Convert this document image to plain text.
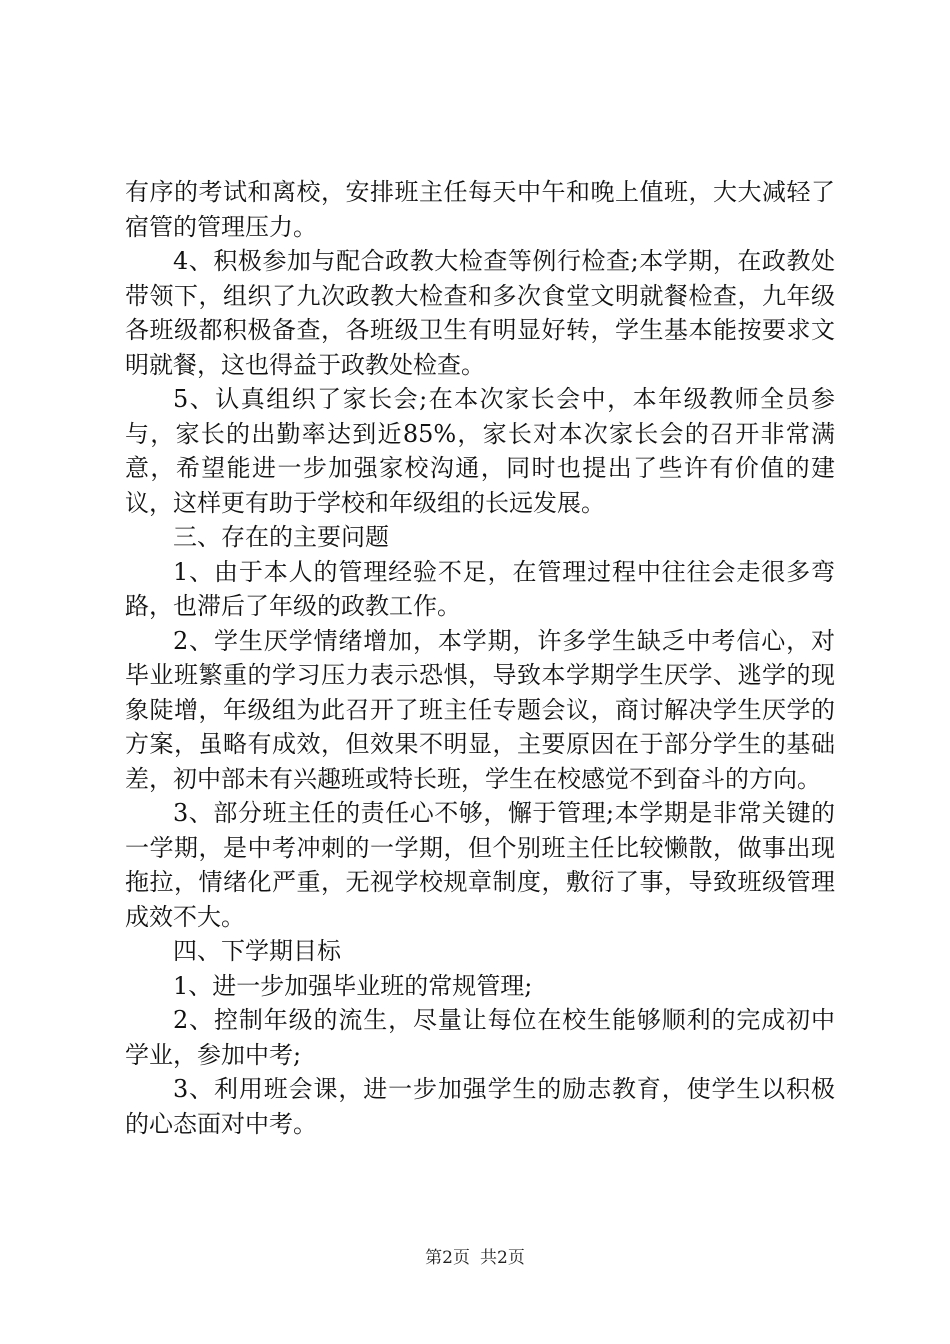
有序的考试和离校，安排班主任每天中午和晚上值班，大大减轻了宿管的管理压力。

4、积极参加与配合政教大检查等例行检查;本学期，在政教处带领下，组织了九次政教大检查和多次食堂文明就餐检查，九年级各班级都积极备查，各班级卫生有明显好转，学生基本能按要求文明就餐，这也得益于政教处检查。

5、认真组织了家长会;在本次家长会中，本年级教师全员参与，家长的出勤率达到近85%，家长对本次家长会的召开非常满意，希望能进一步加强家校沟通，同时也提出了些许有价值的建议，这样更有助于学校和年级组的长远发展。

三、存在的主要问题

1、由于本人的管理经验不足，在管理过程中往往会走很多弯路，也滞后了年级的政教工作。

2、学生厌学情绪增加，本学期，许多学生缺乏中考信心，对毕业班繁重的学习压力表示恐惧，导致本学期学生厌学、逃学的现象陡增，年级组为此召开了班主任专题会议，商讨解决学生厌学的方案，虽略有成效，但效果不明显，主要原因在于部分学生的基础差，初中部未有兴趣班或特长班，学生在校感觉不到奋斗的方向。

3、部分班主任的责任心不够，懈于管理;本学期是非常关键的一学期，是中考冲刺的一学期，但个别班主任比较懒散，做事出现拖拉，情绪化严重，无视学校规章制度，敷衍了事，导致班级管理成效不大。

四、下学期目标

1、进一步加强毕业班的常规管理;

2、控制年级的流生，尽量让每位在校生能够顺利的完成初中学业，参加中考;

3、利用班会课，进一步加强学生的励志教育，使学生以积极的心态面对中考。

第2页 共2页
